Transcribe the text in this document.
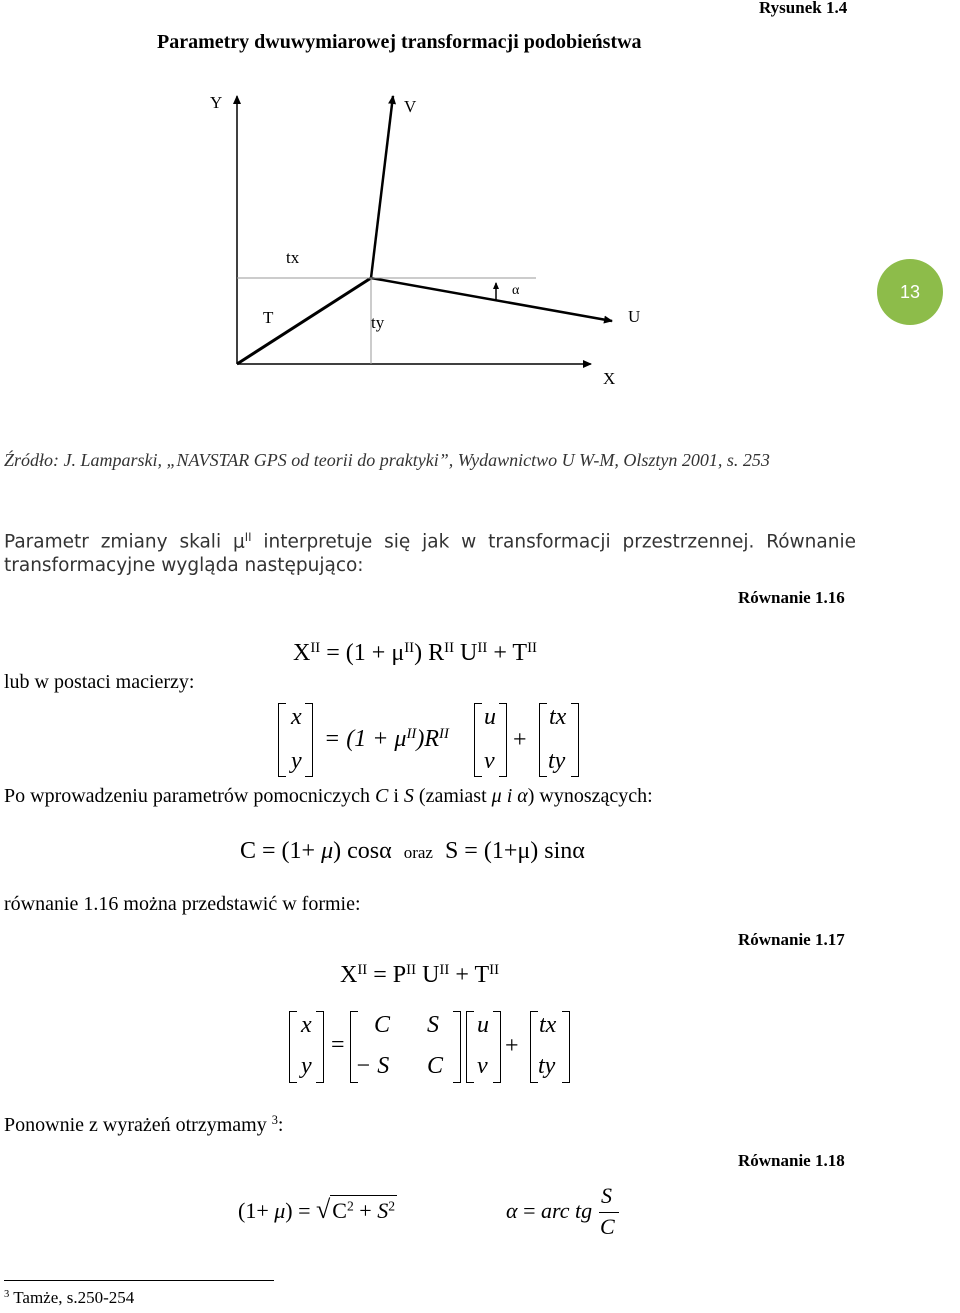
Rysunek 1.4
Parametry dwuwymiarowej transformacji podobieństwa
13
Y	V
tx
α
T	ty	U
X
Źródło: J. Lamparski, „NAVSTAR GPS od teorii do praktyki”, Wydawnictwo U W-M, Olsztyn 2001, s. 253
Parametr zmiany skali $\mu^{II}$ interpretuje się jak w transformacji przestrzennej. Równanie
transformacyjne wygląda następująco:
Równanie 1.16
$X^{II} = (1 + \mu^{II})$ $R^{II}$ $U^{II} + T^{II}$
lub w postaci macierzy:
x
y
= $(1 + \mu^{II})R^{II}$
u
v
+
tx
ty
Po wprowadzeniu parametrów pomocniczych C i S (zamiast μ i α) wynoszących:
C = (1+ μ) cosα oraz S = (1+μ) sinα
równanie 1.16 można przedstawić w formie:
Równanie 1.17
$X^{II} = P^{II}$ $U^{II} + T^{II}$
x
y
=
C S
− S C
u
v
+
tx
ty
Ponownie z wyrażeń otrzymamy $^3$:
Równanie 1.18
$(1+ \mu) = √C^2 + S^2$	α = arc tg
S
C
$^3$ Tamże, s.250-254
